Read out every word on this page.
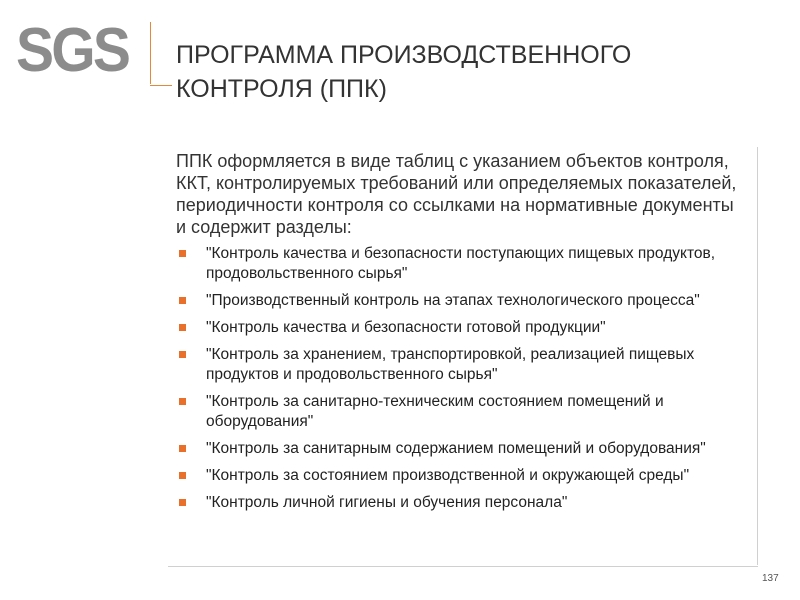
SGS ПРОГРАММА ПРОИЗВОДСТВЕННОГО
КОНТРОЛЯ (ППК)

ППК оформляется в виде таблиц с указанием объектов контроля, ККТ, контролируемых требований или определяемых показателей, периодичности контроля со ссылками на нормативные документы и содержит разделы:

"Контроль качества и безопасности поступающих пищевых продуктов, продовольственного сырья"
"Производственный контроль на этапах технологического процесса"
"Контроль качества и безопасности готовой продукции"
"Контроль за хранением, транспортировкой, реализацией пищевых продуктов и продовольственного сырья"
"Контроль за санитарно-техническим состоянием помещений и оборудования"
"Контроль за санитарным содержанием помещений и оборудования"
"Контроль за состоянием производственной и окружающей среды"
"Контроль личной гигиены и обучения персонала"
137
